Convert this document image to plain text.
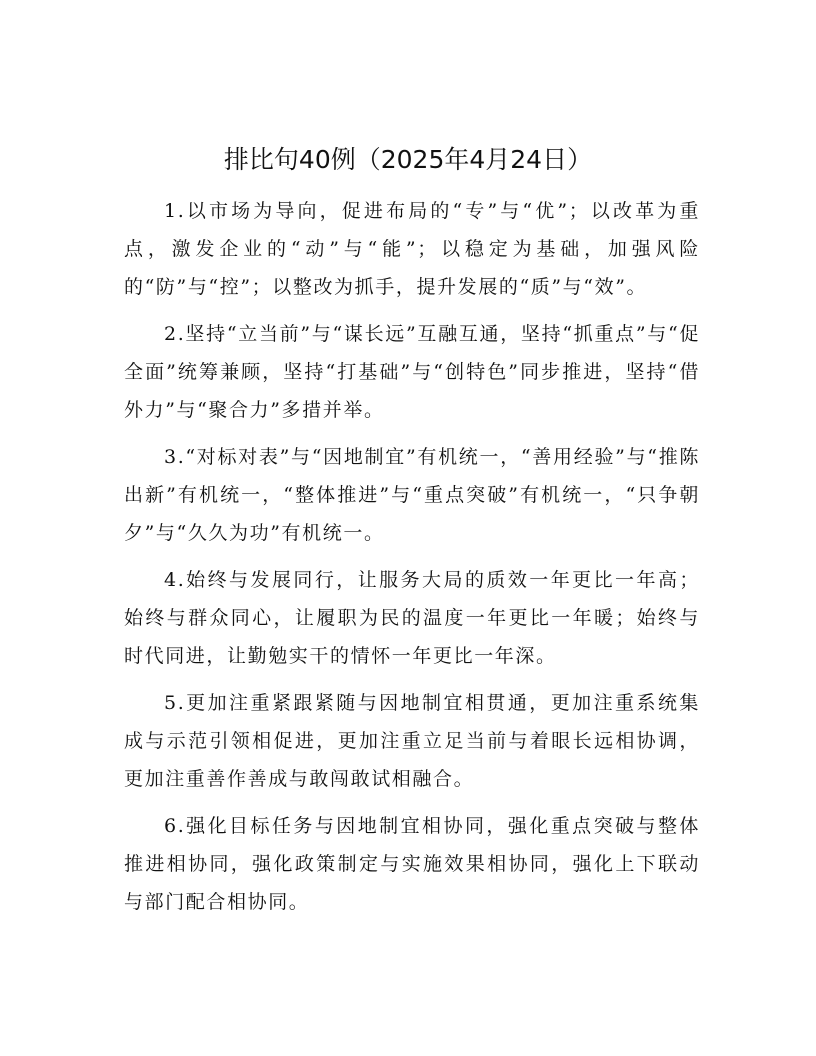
排比句40例（2025年4月24日）

1.以市场为导向，促进布局的“专”与“优”；以改革为重点，激发企业的“动”与“能”；以稳定为基础，加强风险的“防”与“控”；以整改为抓手，提升发展的“质”与“效”。

2.坚持“立当前”与“谋长远”互融互通，坚持“抓重点”与“促全面”统筹兼顾，坚持“打基础”与“创特色”同步推进，坚持“借外力”与“聚合力”多措并举。

3.“对标对表”与“因地制宜”有机统一，“善用经验”与“推陈出新”有机统一，“整体推进”与“重点突破”有机统一，“只争朝夕”与“久久为功”有机统一。

4.始终与发展同行，让服务大局的质效一年更比一年高；始终与群众同心，让履职为民的温度一年更比一年暖；始终与时代同进，让勤勉实干的情怀一年更比一年深。

5.更加注重紧跟紧随与因地制宜相贯通，更加注重系统集成与示范引领相促进，更加注重立足当前与着眼长远相协调，更加注重善作善成与敢闯敢试相融合。

6.强化目标任务与因地制宜相协同，强化重点突破与整体推进相协同，强化政策制定与实施效果相协同，强化上下联动与部门配合相协同。
